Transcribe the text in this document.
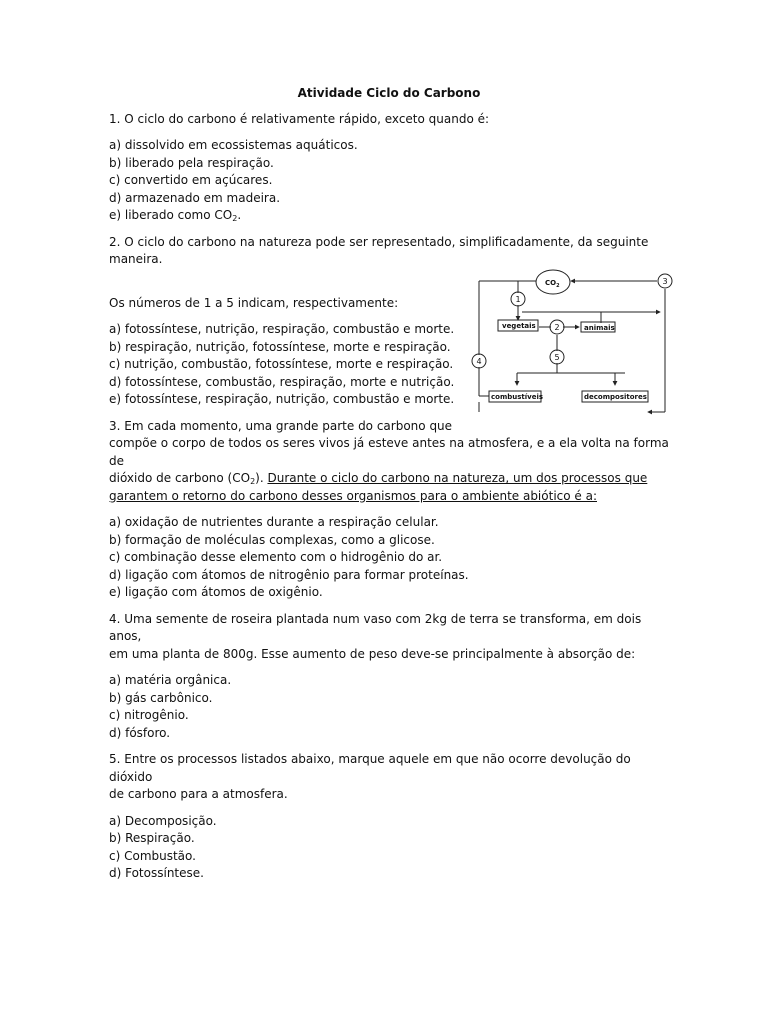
Atividade Ciclo do Carbono

1. O ciclo do carbono é relativamente rápido, exceto quando é:

a) dissolvido em ecossistemas aquáticos.
b) liberado pela respiração.
c) convertido em açúcares.
d) armazenado em madeira.
e) liberado como $CO_2$.
2. O ciclo do carbono na natureza pode ser representado, simplificadamente, da seguinte
maneira.

Os números de 1 a 5 indicam, respectivamente:

a) fotossíntese, nutrição, respiração, combustão e morte.
b) respiração, nutrição, fotossíntese, morte e respiração.
c) nutrição, combustão, fotossíntese, morte e respiração.
d) fotossíntese, combustão, respiração, morte e nutrição.
e) fotossíntese, respiração, nutrição, combustão e morte.
$CO_2$
vegetais	animais
combustíveis	decompositores
1
2
3
4	5
3. Em cada momento, uma grande parte do carbono que
compõe o corpo de todos os seres vivos já esteve antes na atmosfera, e a ela volta na forma de
dióxido de carbono $(CO_2)$. Durante o ciclo do carbono na natureza, um dos processos que
garantem o retorno do carbono desses organismos para o ambiente abiótico é a:
a) oxidação de nutrientes durante a respiração celular.
b) formação de moléculas complexas, como a glicose.
c) combinação desse elemento com o hidrogênio do ar.
d) ligação com átomos de nitrogênio para formar proteínas.
e) ligação com átomos de oxigênio.
4. Uma semente de roseira plantada num vaso com 2kg de terra se transforma, em dois anos,
em uma planta de 800g. Esse aumento de peso deve-se principalmente à absorção de:
a) matéria orgânica.
b) gás carbônico.
c) nitrogênio.
d) fósforo.
5. Entre os processos listados abaixo, marque aquele em que não ocorre devolução do dióxido
de carbono para a atmosfera.
a) Decomposição.
b) Respiração.
c) Combustão.
d) Fotossíntese.
